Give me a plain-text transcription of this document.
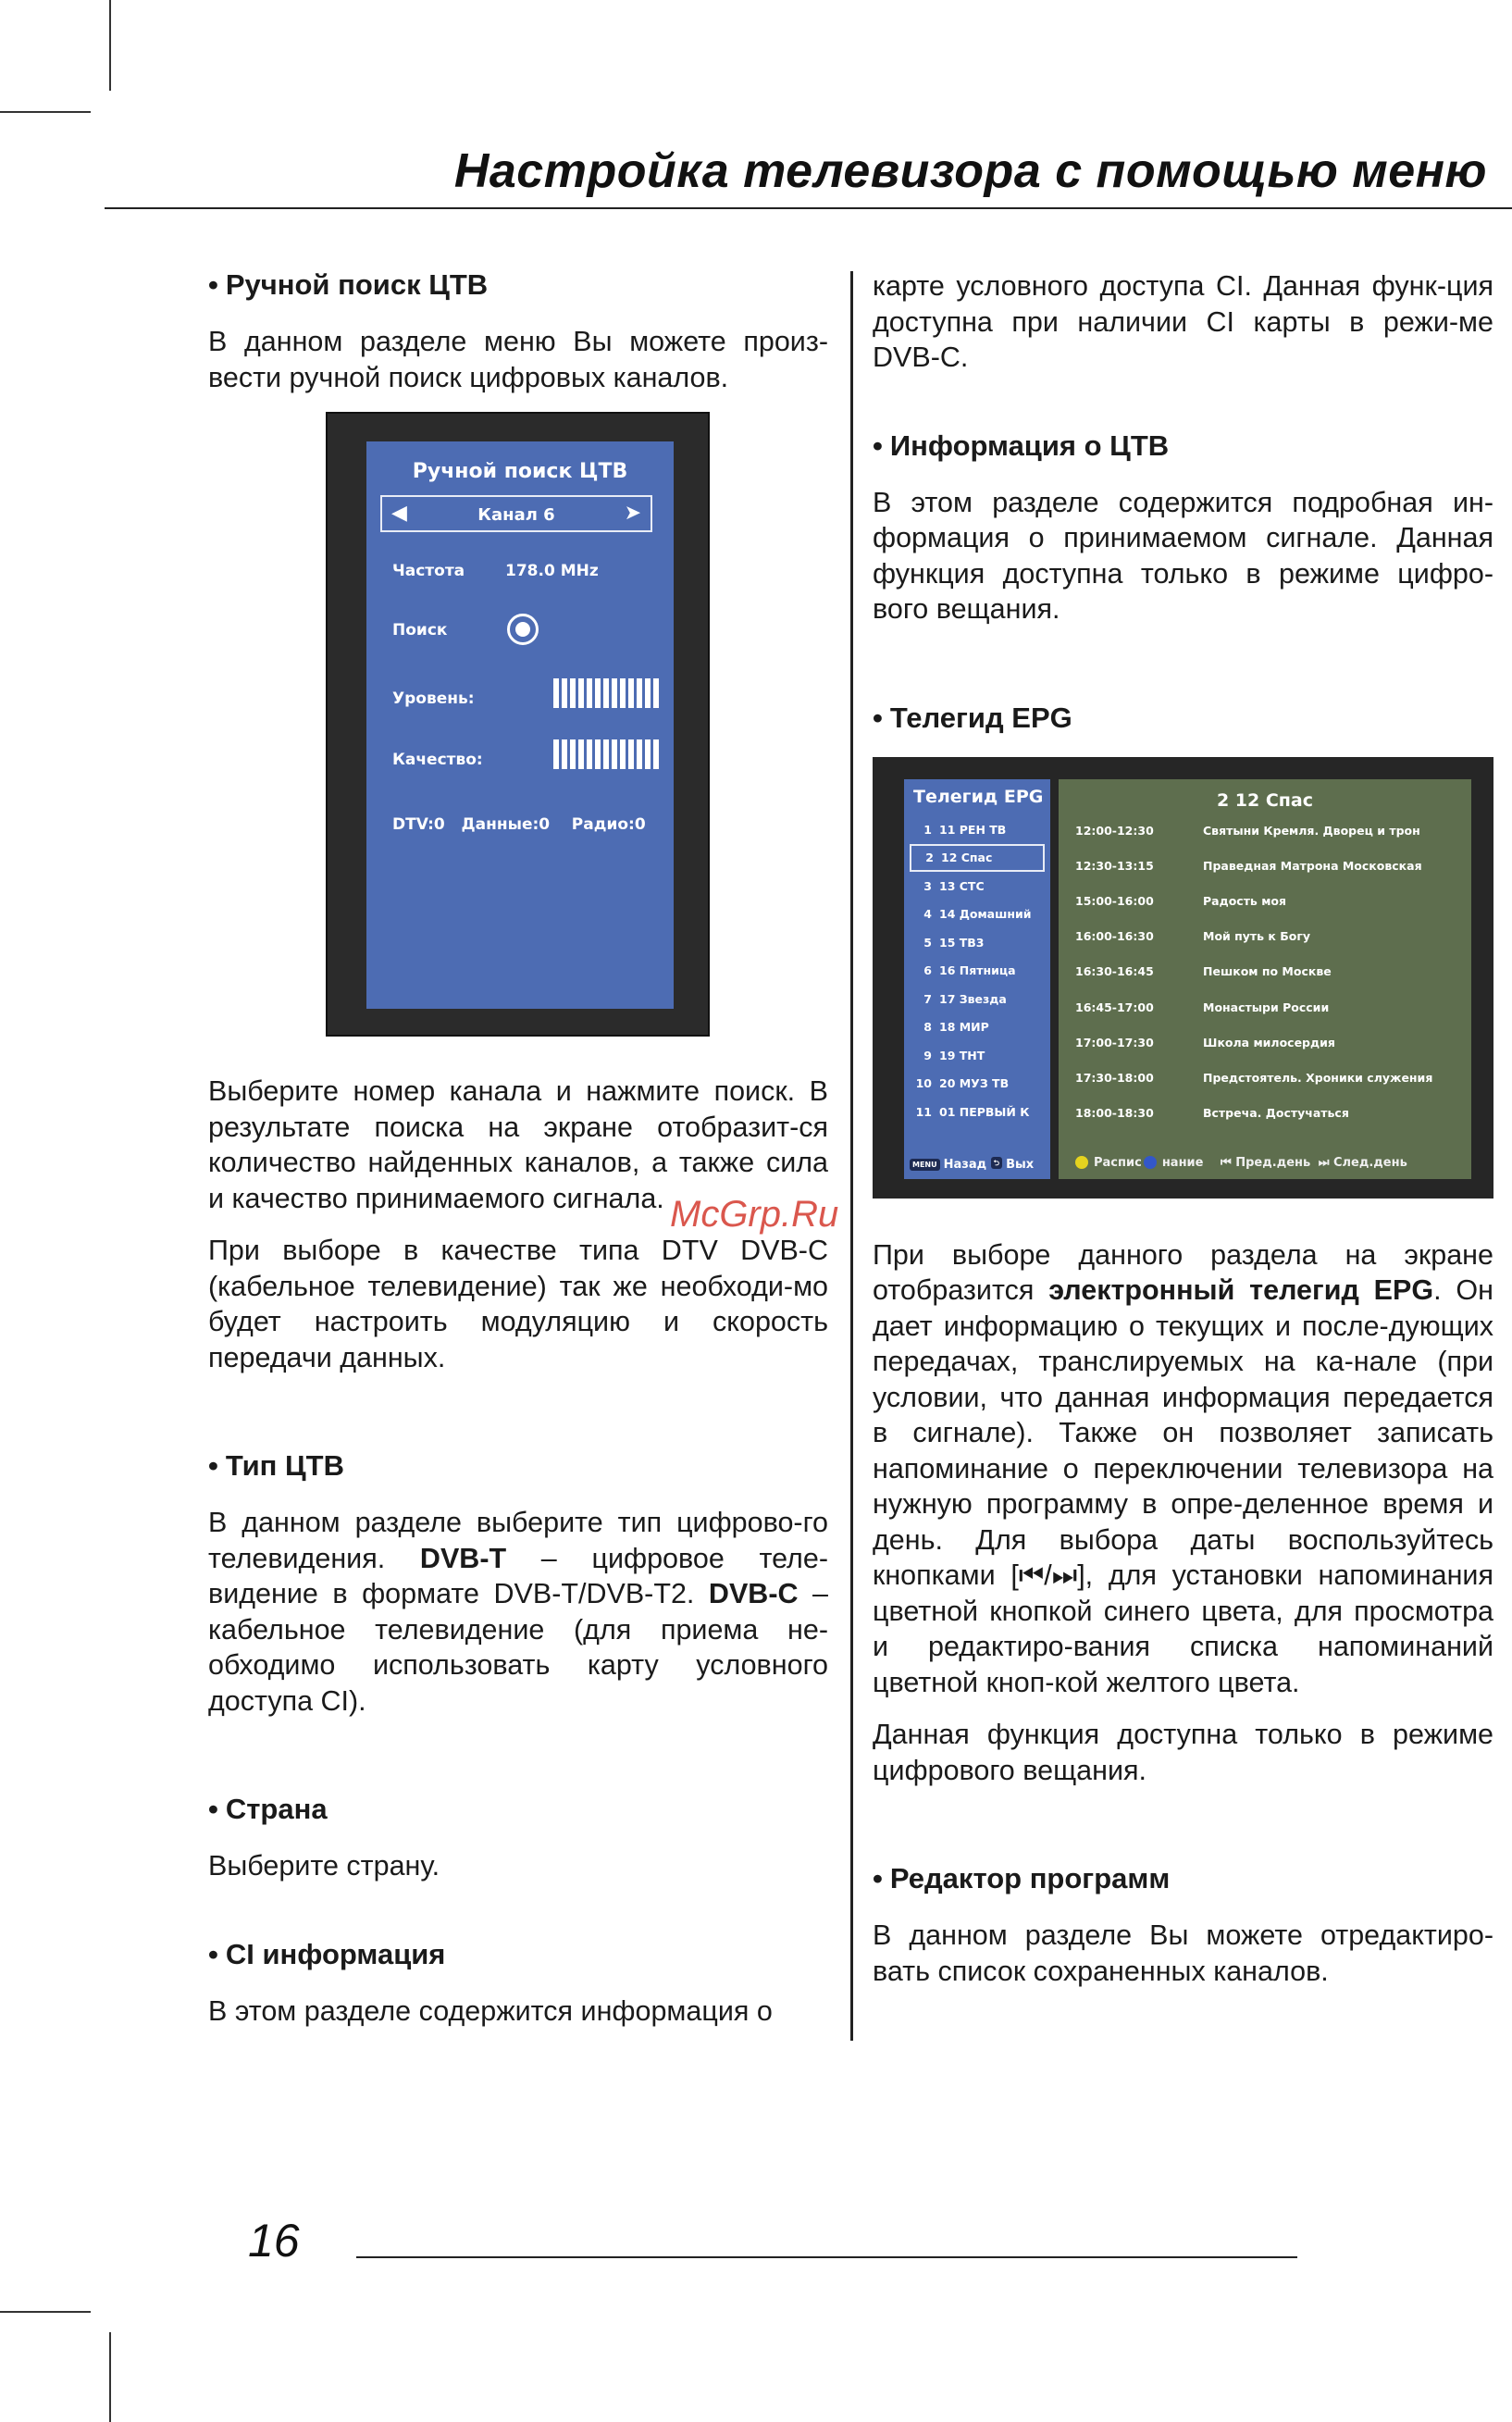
Настройка телевизора с помощью меню
• Ручной поиск ЦТВ

В данном разделе меню Вы можете произ-вести ручной поиск цифровых каналов.

Ручной поиск ЦТВ
◀	Канал 6	➤
Частота	178.0 MHz
Поиск
Уровень:
Качество:
DTV:0   Данные:0    Радио:0

Выберите номер канала и нажмите поиск. В результате поиска на экране отобразит-ся количество найденных каналов, а также сила и качество принимаемого сигнала.

При выборе в качестве типа DTV DVB-C (кабельное телевидение) так же необходи-мо будет настроить модуляцию и скорость передачи данных.

• Тип ЦТВ

В данном разделе выберите тип цифрово-го телевидения. DVB-T – цифровое теле-видение в формате DVB-T/DVB-T2. DVB-C – кабельное телевидение (для приема не-обходимо использовать карту условного доступа CI).

• Страна

Выберите страну.

• CI информация

В этом разделе содержится информация о

карте условного доступа CI. Данная функ-ция доступна при наличии CI карты в режи-ме DVB-C.

• Информация о ЦТВ

В этом разделе содержится подробная ин-формация о принимаемом сигнале. Данная функция доступна только в режиме цифро-вого вещания.

• Телегид EPG
Телегид EPG
1 11 РЕН ТВ
2 12 Спас
3 13 СТС
4 14 Домашний
5 15 ТВ3
6 16 Пятница
7 17 Звезда
8 18 МИР
9 19 ТНТ
10 20 МУЗ ТВ
11 01 ПЕРВЫЙ К
MENU Назад ⮌ Вых
2 12 Спас
12:00-12:30	Святыни Кремля. Дворец и трон
12:30-13:15	Праведная Матрона Московская
15:00-16:00	Радость моя
16:00-16:30	Мой путь к Богу
16:30-16:45	Пешком по Москве
16:45-17:00	Монастыри России
17:00-17:30	Школа милосердия
17:30-18:00	Предстоятель. Хроники служения
18:00-18:30	Встреча. Достучаться
Распис нание ⏮ Пред.день ⏭ След.день

При выборе данного раздела на экране отобразится электронный телегид EPG. Он дает информацию о текущих и после-дующих передачах, транслируемых на ка-нале (при условии, что данная информация передается в сигнале). Также он позволяет записать напоминание о переключении телевизора на нужную программу в опре-деленное время и день. Для выбора даты воспользуйтесь кнопками [⏮/⏭], для установки напоминания цветной кнопкой синего цвета, для просмотра и редактиро-вания списка напоминаний цветной кноп-кой желтого цвета.

Данная функция доступна только в режиме цифрового вещания.

• Редактор программ

В данном разделе Вы можете отредактиро-вать список сохраненных каналов.

McGrp.Ru
16
